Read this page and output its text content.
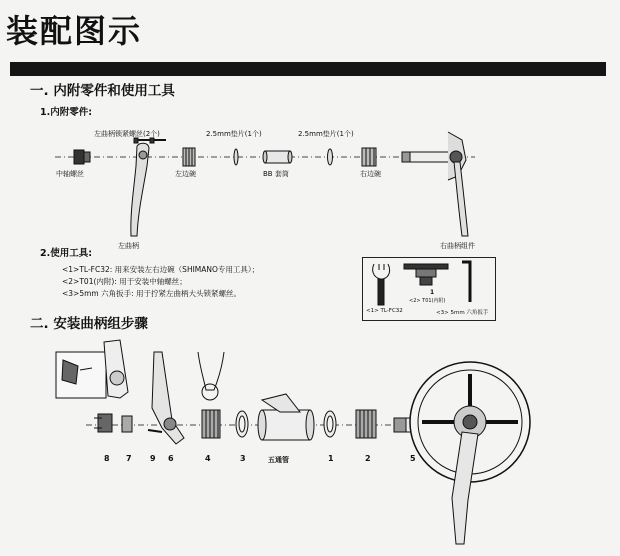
装配图示
一. 内附零件和使用工具
1.内附零件:
左曲柄锁紧螺丝(2个)	2.5mm垫片(1个)	2.5mm垫片(1个)
中轴螺丝	左边碗	BB 套筒	右边碗
左曲柄	右曲柄组件
2.使用工具:
<1>TL-FC32: 用来安装左右边碗（SHIMANO专用工具）；
<2>T01(内附): 用于安装中轴螺丝；
<3>5mm 六角扳手: 用于拧紧左曲柄大头锁紧螺丝。	1
<1> TL-FC32
<2> T01(内附)
<3> 5mm 六角扳手
二. 安装曲柄组步骤
8 7 9 6	4	3	1	2	5
五通管
